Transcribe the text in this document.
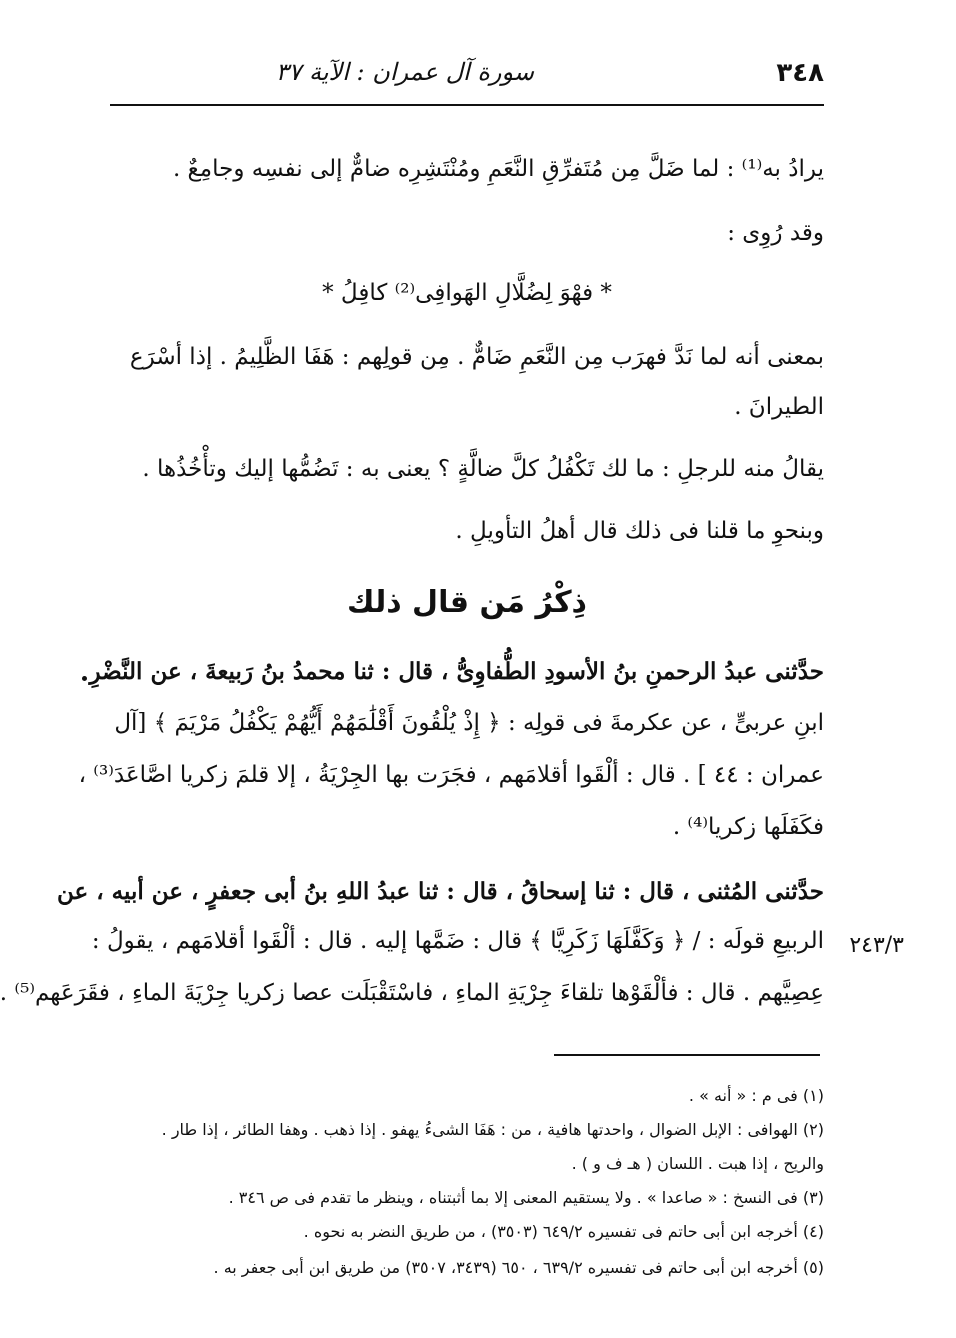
٣٤٨
سورة آل عمران : الآية ٣٧
٢٤٣/٣
يرادُ به⁽¹⁾ : لما ضَلَّ مِن مُتَفرِّقِ النَّعَمِ ومُنْتَشِرِه ضامٌّ إلى نفسِه وجامِعٌ .
وقد رُوِى :
* فهْوَ لِضُلَّالِ الهَوافِى⁽²⁾ كافِلُ *
بمعنى أنه لما نَدَّ فهرَب مِن النَّعَمِ ضَامٌّ . مِن قولِهم : هَفَا الظَّلِيمُ . إذا أسْرَع
الطيرانَ .
يقالُ منه للرجلِ : ما لك تَكْفُلُ كلَّ ضالَّةٍ ؟ يعنى به : تَضُمُّها إليك وتأْخُذُها .
وبنحوِ ما قلنا فى ذلك قال أهلُ التأويلِ .
ذِكْرُ مَن قال ذلك
حدَّثنى عبدُ الرحمنِ بنُ الأسودِ الطُّفاوِىُّ ، قال : ثنا محمدُ بنُ رَبيعةَ ، عن النَّضْرِ
ابنِ عربىٍّ ، عن عكرمةَ فى قولِه : ﴿ إِذْ يُلْقُونَ أَقْلَٰمَهُمْ أَيُّهُمْ يَكْفُلُ مَرْيَمَ ﴾ [آل
عمران : ٤٤ ] . قال : ألْقَوا أقلامَهم ، فجَرَت بها الجِرْيَةُ ، إلا قلمَ زكريا اصَّاعَدَ⁽³⁾ ،
فكَفَلَها زكريا⁽⁴⁾ .
حدَّثنى المُثنى ، قال : ثنا إسحاقُ ، قال : ثنا عبدُ اللهِ بنُ أبى جعفرٍ ، عن أبيه ، عن
الربيعِ قولَه : / ﴿ وَكَفَّلَهَا زَكَرِيَّا ﴾ قال : ضَمَّها إليه . قال : ألْقَوا أقلامَهم ، يقولُ :
عِصِيَّهم . قال : فألْقَوْها تلقاءَ جِرْيَةِ الماءِ ، فاسْتَقْبَلَت عصا زكريا جِرْيَةَ الماءِ ، فقَرَعَهم⁽⁵⁾ .
(١) فى م : « أنه » .
(٢) الهوافى : الإبل الضوال ، واحدتها هافية ، من : هَفَا الشىءُ يهفو . إذا ذهب . وهفا الطائر ، إذا طار .
والريح ، إذا هبت . اللسان ( هـ ف و ) .
(٣) فى النسخ : « صاعدا » . ولا يستقيم المعنى إلا بما أثبتناه ، وينظر ما تقدم فى ص ٣٤٦ .
(٤) أخرجه ابن أبى حاتم فى تفسيره ٦٤٩/٢ (٣٥٠٣) ، من طريق النضر به نحوه .
(٥) أخرجه ابن أبى حاتم فى تفسيره ٦٣٩/٢ ، ٦٥٠ (٣٤٣٩، ٣٥٠٧) من طريق ابن أبى جعفر به .
